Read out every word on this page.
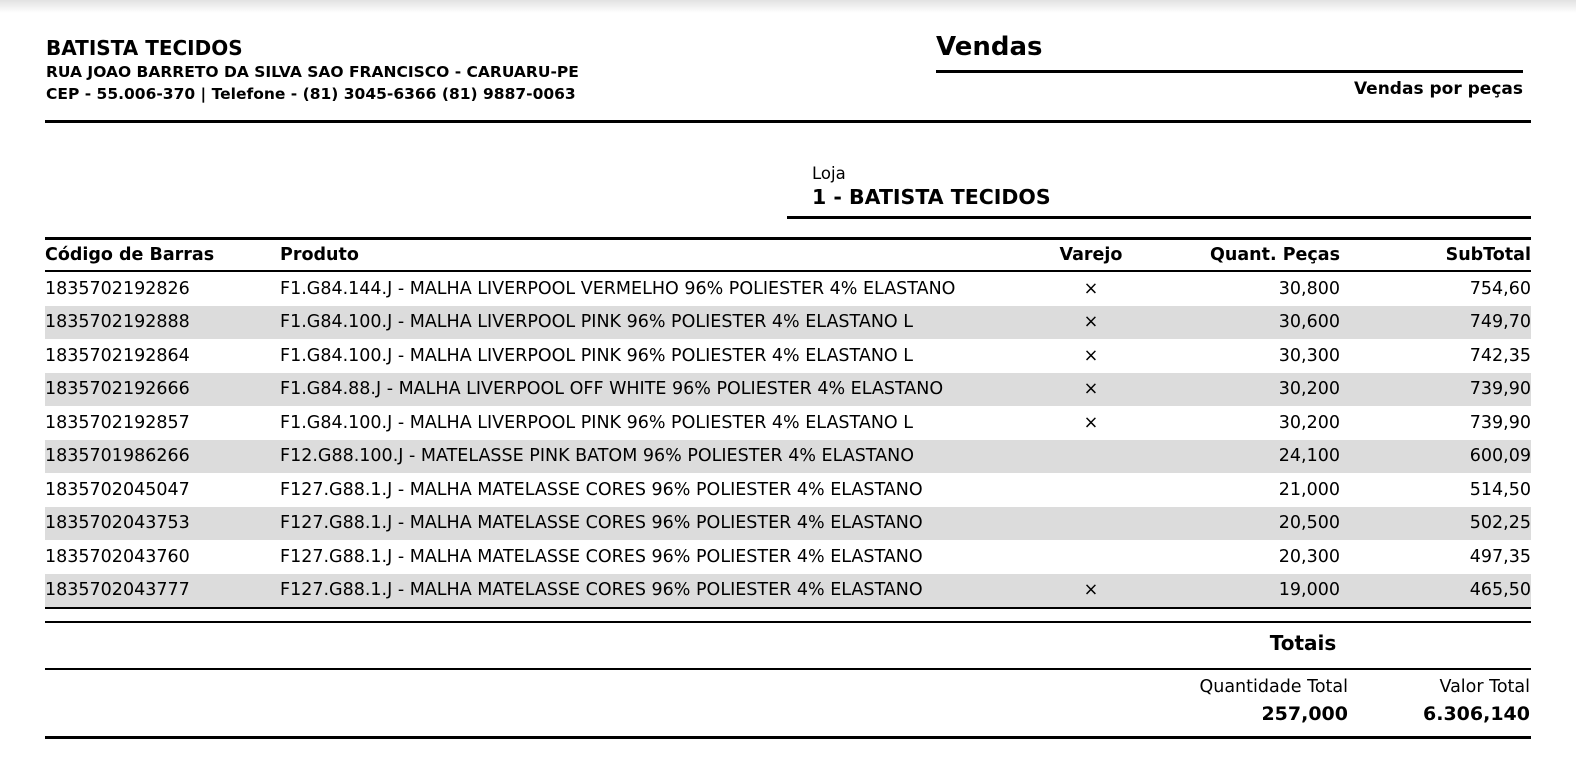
BATISTA TECIDOS
RUA JOAO BARRETO DA SILVA SAO FRANCISCO - CARUARU-PE
CEP - 55.006-370 | Telefone - (81) 3045-6366 (81) 9887-0063
Vendas
Vendas por peças
Loja
1 - BATISTA TECIDOS
Código de Barras	Produto	Varejo	Quant. Peças	SubTotal
1835702192826	F1.G84.144.J - MALHA LIVERPOOL VERMELHO 96% POLIESTER 4% ELASTANO	×	30,800	754,60
1835702192888	F1.G84.100.J - MALHA LIVERPOOL PINK 96% POLIESTER 4% ELASTANO L	×	30,600	749,70
1835702192864	F1.G84.100.J - MALHA LIVERPOOL PINK 96% POLIESTER 4% ELASTANO L	×	30,300	742,35
1835702192666	F1.G84.88.J - MALHA LIVERPOOL OFF WHITE 96% POLIESTER 4% ELASTANO	×	30,200	739,90
1835702192857	F1.G84.100.J - MALHA LIVERPOOL PINK 96% POLIESTER 4% ELASTANO L	×	30,200	739,90
1835701986266	F12.G88.100.J - MATELASSE PINK BATOM 96% POLIESTER 4% ELASTANO		24,100	600,09
1835702045047	F127.G88.1.J - MALHA MATELASSE CORES 96% POLIESTER 4% ELASTANO		21,000	514,50
1835702043753	F127.G88.1.J - MALHA MATELASSE CORES 96% POLIESTER 4% ELASTANO		20,500	502,25
1835702043760	F127.G88.1.J - MALHA MATELASSE CORES 96% POLIESTER 4% ELASTANO		20,300	497,35
1835702043777	F127.G88.1.J - MALHA MATELASSE CORES 96% POLIESTER 4% ELASTANO	×	19,000	465,50
Totais
Quantidade Total	Valor Total
257,000	6.306,140
